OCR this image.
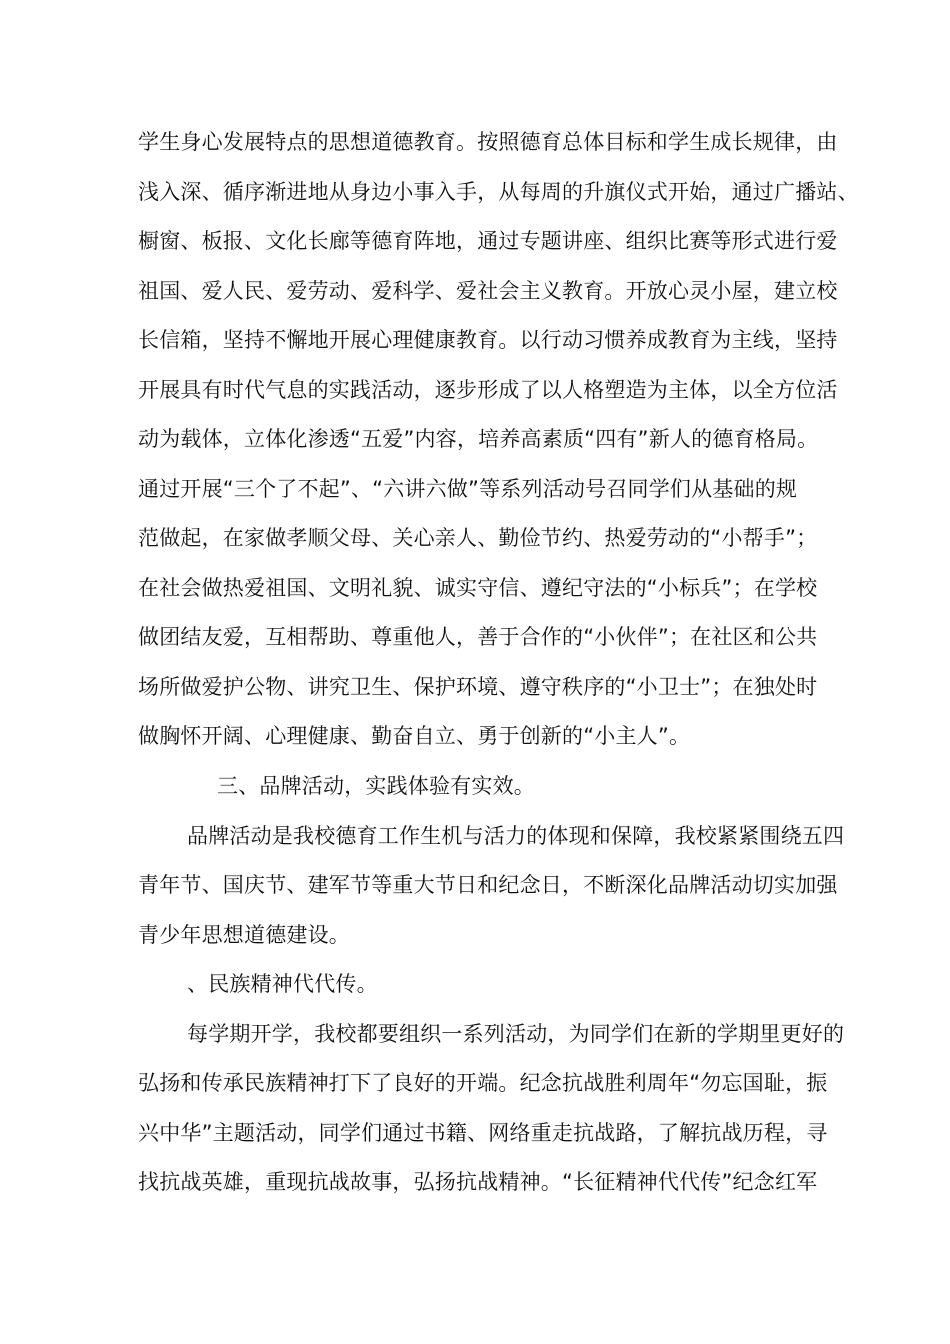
学生身心发展特点的思想道德教育。按照德育总体目标和学生成长规律，由
浅入深、循序渐进地从身边小事入手，从每周的升旗仪式开始，通过广播站、
橱窗、板报、文化长廊等德育阵地，通过专题讲座、组织比赛等形式进行爱
祖国、爱人民、爱劳动、爱科学、爱社会主义教育。开放心灵小屋，建立校
长信箱，坚持不懈地开展心理健康教育。以行动习惯养成教育为主线，坚持
开展具有时代气息的实践活动，逐步形成了以人格塑造为主体，以全方位活
动为载体，立体化渗透“五爱”内容，培养高素质“四有”新人的德育格局。
通过开展“三个了不起”、“六讲六做”等系列活动号召同学们从基础的规
范做起，在家做孝顺父母、关心亲人、勤俭节约、热爱劳动的“小帮手”；
在社会做热爱祖国、文明礼貌、诚实守信、遵纪守法的“小标兵”；在学校
做团结友爱，互相帮助、尊重他人，善于合作的“小伙伴”；在社区和公共
场所做爱护公物、讲究卫生、保护环境、遵守秩序的“小卫士”；在独处时
做胸怀开阔、心理健康、勤奋自立、勇于创新的“小主人”。
三、品牌活动，实践体验有实效。
品牌活动是我校德育工作生机与活力的体现和保障，我校紧紧围绕五四
青年节、国庆节、建军节等重大节日和纪念日，不断深化品牌活动切实加强
青少年思想道德建设。
、民族精神代代传。
每学期开学，我校都要组织一系列活动，为同学们在新的学期里更好的
弘扬和传承民族精神打下了良好的开端。纪念抗战胜利周年“勿忘国耻，振
兴中华”主题活动，同学们通过书籍、网络重走抗战路，了解抗战历程，寻
找抗战英雄，重现抗战故事，弘扬抗战精神。“长征精神代代传”纪念红军
